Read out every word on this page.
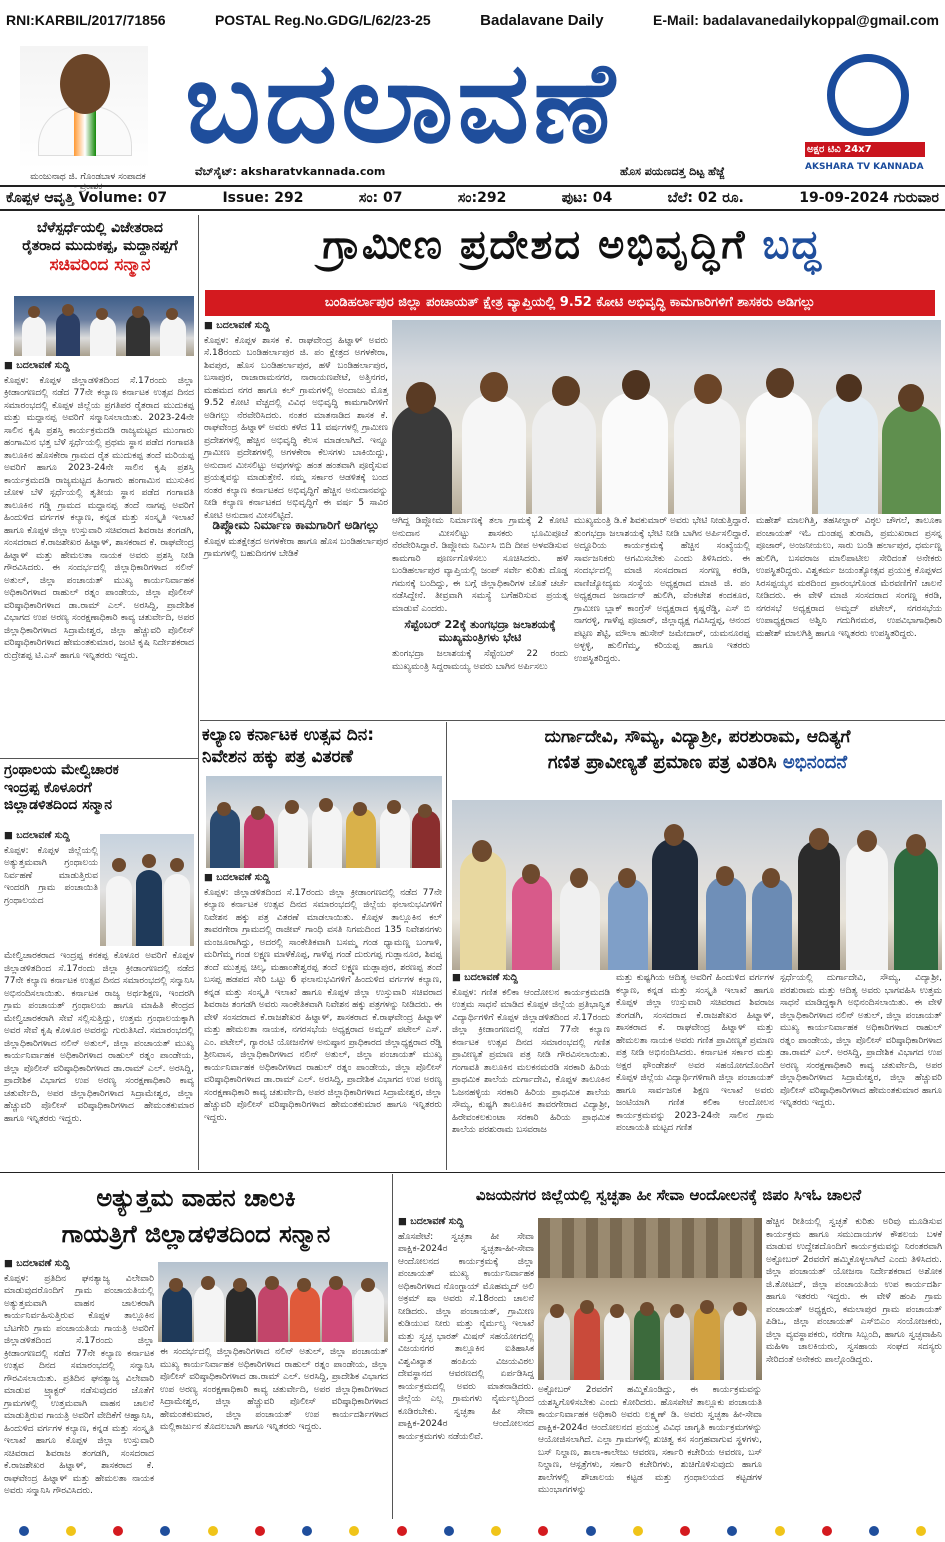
RNI:KARBIL/2017/71856	POSTAL Reg.No.GDG/L/62/23-25	Badalavane Daily	E-Mail: badalavanedailykoppal@gmail.com
ಮಂಜುನಾಥ ಜಿ. ಗೊಂಡಬಾಳ ಸಂಪಾದಕ - ಪ್ರಕಾಶಕ
ಬದಲಾವಣೆ
ವೆಬ್‌ಸೈಟ್: aksharatvkannada.com	ಹೊಸ ಪಯಣದತ್ತ ದಿಟ್ಟ ಹೆಜ್ಜೆ
ಅಕ್ಷರ ಟಿವಿ 24x7
AKSHARA TV KANNADA
ಕೊಪ್ಪಳ ಆವೃತ್ತಿ Volume: 07	Issue: 292	ಸಂ: 07	ಸಂ:292	ಪುಟ: 04	ಬೆಲೆ: 02 ರೂ.	19-09-2024 ಗುರುವಾರ
ಬೆಳೆಸ್ಪರ್ಧೆಯಲ್ಲಿ ವಿಜೇತರಾದ
ರೈತರಾದ ಮುದುಕಪ್ಪ, ಮದ್ದಾನಪ್ಪಗೆ
ಸಚಿವರಿಂದ ಸನ್ಮಾನ
■ ಬದಲಾವಣೆ ಸುದ್ದಿ
ಕೊಪ್ಪಳ: ಕೊಪ್ಪಳ ಜಿಲ್ಲಾಡಳಿತದಿಂದ ಸೆ.17ರಂದು ಜಿಲ್ಲಾ ಕ್ರೀಡಾಂಗಣದಲ್ಲಿ ನಡೆದ 77ನೇ ಕಲ್ಯಾಣ ಕರ್ನಾಟಕ ಉತ್ಸವ ದಿನದ ಸಮಾರಂಭದಲ್ಲಿ ಕೊಪ್ಪಳ ಜಿಲ್ಲೆಯ ಪ್ರಗತಿಪರ ರೈತರಾದ ಮುದುಕಪ್ಪ ಮತ್ತು ಮದ್ದಾನಪ್ಪ ಅವರಿಗೆ ಸನ್ಮಾನಿಸಲಾಯಿತು. 2023-24ನೇ ಸಾಲಿನ ಕೃಷಿ ಪ್ರಶಸ್ತಿ ಕಾರ್ಯಕ್ರಮದಡಿ ರಾಜ್ಯಮಟ್ಟದ ಮುಂಗಾರು ಹಂಗಾಮಿನ ಭತ್ತ ಬೆಳೆ ಸ್ಪರ್ಧೆಯಲ್ಲಿ ಪ್ರಥಮ ಸ್ಥಾನ ಪಡೆದ ಗಂಗಾವತಿ ತಾಲೂಕಿನ ಹೊಸಕೇರಾ ಗ್ರಾಮದ ರೈತ ಮುದುಕಪ್ಪ ತಂದೆ ಮರಿಯಪ್ಪ ಅವರಿಗೆ ಹಾಗೂ 2023-24ನೇ ಸಾಲಿನ ಕೃಷಿ ಪ್ರಶಸ್ತಿ ಕಾರ್ಯಕ್ರಮದಡಿ ರಾಜ್ಯಮಟ್ಟದ ಹಿಂಗಾರು ಹಂಗಾಮಿನ ಮುಸುಕಿನ ಜೋಳ ಬೆಳೆ ಸ್ಪರ್ಧೆಯಲ್ಲಿ ತೃತೀಯ ಸ್ಥಾನ ಪಡೆದ ಗಂಗಾವತಿ ತಾಲೂಕಿನ ಗಡ್ಡಿ ಗ್ರಾಮದ ಮದ್ದಾನಪ್ಪ ತಂದೆ ನಾಗಪ್ಪ ಅವರಿಗೆ ಹಿಂದುಳಿದ ವರ್ಗಗಳ ಕಲ್ಯಾಣ, ಕನ್ನಡ ಮತ್ತು ಸಂಸ್ಕೃತಿ ಇಲಾಖೆ ಹಾಗೂ ಕೊಪ್ಪಳ ಜಿಲ್ಲಾ ಉಸ್ತುವಾರಿ ಸಚಿವರಾದ ಶಿವರಾಜ ತಂಗಡಗಿ, ಸಂಸದರಾದ ಕೆ.ರಾಜಶೇಖರ ಹಿಟ್ನಾಳ್, ಶಾಸಕರಾದ ಕೆ. ರಾಘವೇಂದ್ರ ಹಿಟ್ನಾಳ್ ಮತ್ತು ಹೇಮಲತಾ ನಾಯಕ ಅವರು ಪ್ರಶಸ್ತಿ ನೀಡಿ ಗೌರವಿಸಿದರು. ಈ ಸಂದರ್ಭದಲ್ಲಿ ಜಿಲ್ಲಾಧಿಕಾರಿಗಳಾದ ನಲಿನ್ ಅತುಲ್, ಜಿಲ್ಲಾ ಪಂಚಾಯತ್ ಮುಖ್ಯ ಕಾರ್ಯನಿರ್ವಾಹಕ ಅಧಿಕಾರಿಗಳಾದ ರಾಹುಲ್ ರತ್ನಂ ಪಾಂಡೇಯ, ಜಿಲ್ಲಾ ಪೊಲೀಸ್ ವರಿಷ್ಠಾಧಿಕಾರಿಗಳಾದ ಡಾ.ರಾಮ್ ಎಲ್. ಅರಸಿದ್ದಿ, ಪ್ರಾದೇಶಿಕ ವಿಭಾಗದ ಉಪ ಅರಣ್ಯ ಸಂರಕ್ಷಣಾಧಿಕಾರಿ ಕಾವ್ಯ ಚತುರ್ವೇದಿ, ಅಪರ ಜಿಲ್ಲಾಧಿಕಾರಿಗಳಾದ ಸಿದ್ರಾಮೇಶ್ವರ, ಜಿಲ್ಲಾ ಹೆಚ್ಚುವರಿ ಪೊಲೀಸ್ ವರಿಷ್ಠಾಧಿಕಾರಿಗಳಾದ ಹೇಮಂತಕುಮಾರ, ಜಂಟಿ ಕೃಷಿ ನಿರ್ದೇಶಕರಾದ ರುದ್ರೇಶಪ್ಪ ಟಿ.ಎಸ್ ಹಾಗೂ ಇನ್ನಿತರರು ಇದ್ದರು.
ಗ್ರಂಥಾಲಯ ಮೇಲ್ವಿಚಾರಕ
ಇಂದ್ರಪ್ಪ ಕೊಳೂರಗೆ
ಜಿಲ್ಲಾಡಳಿತದಿಂದ ಸನ್ಮಾನ
■ ಬದಲಾವಣೆ ಸುದ್ದಿ
ಕೊಪ್ಪಳ: ಕೊಪ್ಪಳ ಜಿಲ್ಲೆಯಲ್ಲಿ ಅತ್ಯುತ್ತಮವಾಗಿ ಗ್ರಂಥಾಲಯ ನಿರ್ವಹಣೆ ಮಾಡುತ್ತಿರುವ ಇಂದರಗಿ ಗ್ರಾಮ ಪಂಚಾಯಿತಿ ಗ್ರಂಥಾಲಯದ
ಮೇಲ್ವಿಚಾರಕರಾದ ಇಂದ್ರಪ್ಪ ಕನಕಪ್ಪ ಕೊಳೂರ ಅವರಿಗೆ ಕೊಪ್ಪಳ ಜಿಲ್ಲಾಡಳಿತದಿಂದ ಸೆ.17ರಂದು ಜಿಲ್ಲಾ ಕ್ರೀಡಾಂಗಣದಲ್ಲಿ ನಡೆದ 77ನೇ ಕಲ್ಯಾಣ ಕರ್ನಾಟಕ ಉತ್ಸವ ದಿನದ ಸಮಾರಂಭದಲ್ಲಿ ಸನ್ಮಾನಿಸಿ ಅಭಿನಂದಿಸಲಾಯಿತು. ಕರ್ನಾಟಕ ರಾಜ್ಯ ಅರ್ಥಶಿಕ್ಷಣ, ಇಂದರಗಿ ಗ್ರಾಮ ಪಂಚಾಯತ್ ಗ್ರಂಥಾಲಯ ಹಾಗೂ ಮಾಹಿತಿ ಕೇಂದ್ರದ ಮೇಲ್ವಿಚಾರಕರಾಗಿ ಸೇವೆ ಸಲ್ಲಿಸುತ್ತಿದ್ದು, ಉತ್ತಮ ಗ್ರಂಥಾಲಯಕ್ಕಾಗಿ ಅವರ ಸೇವೆ ಕೃಷಿ ಕೊಳೂರ ಅವರನ್ನು ಗುರುತಿಸಿದೆ. ಸಮಾರಂಭದಲ್ಲಿ ಜಿಲ್ಲಾಧಿಕಾರಿಗಳಾದ ನಲಿನ್ ಅತುಲ್, ಜಿಲ್ಲಾ ಪಂಚಾಯತ್ ಮುಖ್ಯ ಕಾರ್ಯನಿರ್ವಾಹಕ ಅಧಿಕಾರಿಗಳಾದ ರಾಹುಲ್ ರತ್ನಂ ಪಾಂಡೇಯ, ಜಿಲ್ಲಾ ಪೊಲೀಸ್ ವರಿಷ್ಠಾಧಿಕಾರಿಗಳಾದ ಡಾ.ರಾಮ್ ಎಲ್. ಅರಸಿದ್ದಿ, ಪ್ರಾದೇಶಿಕ ವಿಭಾಗದ ಉಪ ಅರಣ್ಯ ಸಂರಕ್ಷಣಾಧಿಕಾರಿ ಕಾವ್ಯ ಚತುರ್ವೇದಿ, ಅಪರ ಜಿಲ್ಲಾಧಿಕಾರಿಗಳಾದ ಸಿದ್ರಾಮೇಶ್ವರ, ಜಿಲ್ಲಾ ಹೆಚ್ಚುವರಿ ಪೊಲೀಸ್ ವರಿಷ್ಠಾಧಿಕಾರಿಗಳಾದ ಹೇಮಂತಕುಮಾರ ಹಾಗೂ ಇನ್ನಿತರರು ಇದ್ದರು.
ಗ್ರಾಮೀಣ ಪ್ರದೇಶದ ಅಭಿವೃದ್ಧಿಗೆ ಬದ್ಧ
ಬಂಡಿಹರ್ಲಾಪುರ ಜಿಲ್ಲಾ ಪಂಚಾಯತ್ ಕ್ಷೇತ್ರ ವ್ಯಾಪ್ತಿಯಲ್ಲಿ 9.52 ಕೋಟಿ ಅಭಿವೃದ್ಧಿ ಕಾಮಗಾರಿಗಳಿಗೆ ಶಾಸಕರು ಅಡಿಗಲ್ಲು
■ ಬದಲಾವಣೆ ಸುದ್ದಿ
ಕೊಪ್ಪಳ: ಕೊಪ್ಪಳ ಶಾಸಕ ಕೆ. ರಾಘವೇಂದ್ರ ಹಿಟ್ನಾಳ್ ಅವರು ಸೆ.18ರಂದು ಬಂಡಿಹರ್ಲಾಪುರ ಜಿ. ಪಂ ಕ್ಷೇತ್ರದ ಅಗಳಕೇರಾ, ಶಿವಪುರ, ಹೊಸ ಬಂಡಿಹರ್ಲಾಪುರ, ಹಳೆ ಬಂಡಿಹರ್ಲಾಪುರ, ಬಸಾಪುರ, ರಾಜಾರಾಮನಗರ, ನಾರಾಯಣಪೇಟೆ, ಅತ್ತಿನಗರ, ಮಹಮದ ನಗರ ಹಾಗೂ ಕಲ್ ಗ್ರಾಮಗಳಲ್ಲಿ ಅಂದಾಜು ಮೊತ್ತ 9.52 ಕೋಟಿ ವೆಚ್ಚದಲ್ಲಿ ವಿವಿಧ ಅಭಿವೃದ್ಧಿ ಕಾಮಗಾರಿಗಳಿಗೆ ಅಡಿಗಲ್ಲು ನೆರವೇರಿಸಿದರು. ನಂತರ ಮಾತನಾಡಿದ ಶಾಸಕ ಕೆ. ರಾಘವೇಂದ್ರ ಹಿಟ್ನಾಳ್ ಅವರು ಕಳೆದ 11 ವರ್ಷಗಳಲ್ಲಿ ಗ್ರಾಮೀಣ ಪ್ರದೇಶಗಳಲ್ಲಿ ಹೆಚ್ಚಿನ ಅಭಿವೃದ್ಧಿ ಕೆಲಸ ಮಾಡಲಾಗಿದೆ. ಇನ್ನೂ ಗ್ರಾಮೀಣ ಪ್ರದೇಶಗಳಲ್ಲಿ ಅಗಳಕೇರಾ ಕೆಲಸಗಳು ಬಾಕಿಯಿದ್ದು, ಅನುದಾನ ಮೀಸಲಿಟ್ಟು ಅವುಗಳನ್ನು ಹಂತ ಹಂತವಾಗಿ ಪೂರೈಸುವ ಪ್ರಯತ್ನವನ್ನು ಮಾಡುತ್ತೇನೆ. ನಮ್ಮ ಸರ್ಕಾರ ಆಡಳಿತಕ್ಕೆ ಬಂದ ನಂತರ ಕಲ್ಯಾಣ ಕರ್ನಾಟಕದ ಅಭಿವೃದ್ಧಿಗೆ ಹೆಚ್ಚಿನ ಅನುದಾನವನ್ನು ನೀಡಿ ಕಲ್ಯಾಣ ಕರ್ನಾಟಕದ ಅಭಿವೃದ್ಧಿಗೆ ಈ ವರ್ಷ 5 ಸಾವಿರ ಕೋಟಿ ಅನುದಾನ ಮೀಸಲಿಟ್ಟಿದೆ.
ಡಿಪ್ಲೋಮ ನಿರ್ಮಾಣ ಕಾಮಗಾರಿಗೆ ಅಡಿಗಲ್ಲು
ಕೊಪ್ಪಳ ಮತಕ್ಷೇತ್ರದ ಅಗಳಕೇರಾ ಹಾಗೂ ಹೊಸ ಬಂಡಿಹರ್ಲಾಪುರ ಗ್ರಾಮಗಳಲ್ಲಿ ಬಹುದಿನಗಳ ಬೇಡಿಕೆ
ಆಗಿದ್ದ ಡಿಪ್ಲೋಮ ನಿರ್ಮಾಣಕ್ಕೆ ತಲಾ ಗ್ರಾಮಕ್ಕೆ 2 ಕೋಟಿ ಅನುದಾನ ಮೀಸಲಿಟ್ಟು ಶಾಸಕರು ಭೂಮಿಪೂಜೆ ನೆರವೇರಿಸಿದ್ದಾರೆ. ಡಿಪ್ಲೋಮ ನಿರ್ಮಿಸಿ ಬಿದಿ ದೀಪ ಅಳವಡಿಸುವ ಕಾಮಗಾರಿ ಪೂರ್ಣಗೊಳಿಸಲು ಸೂಚಿಸಿದರು. ಹಳೆ ಬಂಡಿಹರ್ಲಾಪುರ ವ್ಯಾಪ್ತಿಯಲ್ಲಿ ಜಂಪ್ ಸರ್ವೇ ಕುರಿತು ದೊಡ್ಡ ಗಮನಕ್ಕೆ ಬಂದಿದ್ದು, ಈ ಬಗ್ಗೆ ಜಿಲ್ಲಾಧಿಕಾರಿಗಳ ಜೊತೆ ಚರ್ಚೆ ನಡೆಸಿದ್ದೇನೆ. ತೀವ್ರವಾಗಿ ಸಮಸ್ಯೆ ಬಗೆಹರಿಸುವ ಪ್ರಯತ್ನ ಮಾಡುವೆ ಎಂದರು.
ಸೆಪ್ಟೆಂಬರ್ 22ಕ್ಕೆ ತುಂಗಭದ್ರಾ ಜಲಾಶಯಕ್ಕೆ ಮುಖ್ಯಮಂತ್ರಿಗಳು ಭೇಟಿ
ತುಂಗಭದ್ರಾ ಜಲಾಶಯಕ್ಕೆ ಸೆಪ್ಟೆಂಬರ್ 22 ರಂದು ಮುಖ್ಯಮಂತ್ರಿ ಸಿದ್ದರಾಮಯ್ಯ ಅವರು ಬಾಗಿನ ಅರ್ಪಿಸಲು
ಮುಖ್ಯಮಂತ್ರಿ ಡಿ.ಕೆ ಶಿವಕುಮಾರ್ ಅವರು ಭೇಟಿ ನೀಡುತ್ತಿದ್ದಾರೆ. ತುಂಗಭದ್ರಾ ಜಲಾಶಯಕ್ಕೆ ಭೇಟಿ ನೀಡಿ ಬಾಗಿನ ಅರ್ಪಿಸಲಿದ್ದಾರೆ. ಅದ್ದೂರಿಯ ಕಾರ್ಯಕ್ರಮಕ್ಕೆ ಹೆಚ್ಚಿನ ಸಂಖ್ಯೆಯಲ್ಲಿ ಸಾರ್ವಜನಿಕರು ಆಗಮಿಸಬೇಕು ಎಂದು ತಿಳಿಸಿದರು. ಈ ಸಂದರ್ಭದಲ್ಲಿ ಮಾಜಿ ಸಂಸದರಾದ ಸಂಗಣ್ಣ ಕರಡಿ, ವಾಣಿಜ್ಯೋದ್ಯಮ ಸಂಸ್ಥೆಯ ಅಧ್ಯಕ್ಷರಾದ ಮಾಜಿ ಜಿ. ಪಂ ಅಧ್ಯಕ್ಷರಾದ ಜನಾರ್ದನ್ ಹುಲಿಗಿ, ವೆಂಕಟೇಶ ಕಂದಕೂರ, ಗ್ರಾಮೀಣ ಬ್ಲಾಕ್ ಕಾಂಗ್ರೆಸ್ ಅಧ್ಯಕ್ಷರಾದ ಕೃಷ್ಣರೆಡ್ಡಿ, ಎಸ್ ಬಿ ನಾಗರಳ್ಳಿ, ಗಾಳೆಪ್ಪ ಪೂಜಾರ್, ಜಿಲ್ಲಾಧ್ಯಕ್ಷ ಗವಿಸಿದ್ದಪ್ಪ, ಆನಂದ ಪಟ್ಟಣ ಶೆಟ್ಟಿ, ಮೌಲಾ ಹುಸೇನ್ ಜಮೇದಾರ್, ಯಮನೂರಪ್ಪ ಅಳ್ಳಳ್ಳಿ, ಹುಲಿಗೆಮ್ಮ, ಕರಿಯಪ್ಪ ಹಾಗೂ ಇತರರು ಉಪಸ್ಥಿತರಿದ್ದರು.
ಮಹೇಶ್ ಮಾಲಗಿತ್ತಿ, ತಹಸೀಲ್ದಾರ್ ವಿಠ್ಠಲ ಚೌಗಲೆ, ತಾಲೂಕಾ ಪಂಚಾಯತ್ ಇಓ ದುಂಡಪ್ಪ ತುರಾದಿ, ಪ್ರಮುಖರಾದ ಪ್ರಸನ್ನ ಪೂಜಾರ್, ಅಂಜನೀಯಲು, ಸಾರು ಬಂಡಿ ಹರ್ಲಾಪುರ, ಧರ್ಮಣ್ಣ ಹುಲಿಗಿ, ಬಸವರಾಜ ಮಾಲಿಪಾಟೀಲ ಸೇರಿದಂತೆ ಅನೇಕರು ಉಪಸ್ಥಿತರಿದ್ದರು. ವಿಶ್ವಕರ್ಮ ಜಯಂತ್ಯೋತ್ಸವ ಪ್ರಯುಕ್ತ ಕೊಪ್ಪಳದ ಸಿರಸಪ್ಪಯ್ಯನ ಮಠದಿಂದ ಪ್ರಾರಂಭಗೊಂಡ ಮೆರವಣಿಗೆಗೆ ಚಾಲನೆ ನೀಡಿದರು. ಈ ವೇಳೆ ಮಾಜಿ ಸಂಸದರಾದ ಸಂಗಣ್ಣ ಕರಡಿ, ನಗರಸಭೆ ಅಧ್ಯಕ್ಷರಾದ ಅಮ್ಜದ್ ಪಟೇಲ್, ನಗರಸಭೆಯ ಉಪಾಧ್ಯಕ್ಷರಾದ ಅಶ್ವಿನಿ ಗದುಗಿನಮಠ, ಉಪವಿಭಾಗಾಧಿಕಾರಿ ಮಹೇಶ್ ಮಾಲಗಿತ್ತಿ ಹಾಗೂ ಇನ್ನಿತರರು ಉಪಸ್ಥಿತರಿದ್ದರು.
ಕಲ್ಯಾಣ ಕರ್ನಾಟಕ ಉತ್ಸವ ದಿನ:
ನಿವೇಶನ ಹಕ್ಕು ಪತ್ರ ವಿತರಣೆ
■ ಬದಲಾವಣೆ ಸುದ್ದಿ
ಕೊಪ್ಪಳ: ಜಿಲ್ಲಾಡಳಿತದಿಂದ ಸೆ.17ರಂದು ಜಿಲ್ಲಾ ಕ್ರೀಡಾಂಗಣದಲ್ಲಿ ನಡೆದ 77ನೇ ಕಲ್ಯಾಣ ಕರ್ನಾಟಕ ಉತ್ಸವ ದಿನದ ಸಮಾರಂಭದಲ್ಲಿ ಜಿಲ್ಲೆಯ ಫಲಾನುಭವಿಗಳಿಗೆ ನಿವೇಶನ ಹಕ್ಕು ಪತ್ರ ವಿತರಣೆ ಮಾಡಲಾಯಿತು. ಕೊಪ್ಪಳ ತಾಲ್ಲೂಕಿನ ಕಲ್ ತಾವರಗೇರಾ ಗ್ರಾಮದಲ್ಲಿ ರಾಜೀವ್ ಗಾಂಧಿ ವಸತಿ ನಿಗಮದಿಂದ 135 ನಿವೇಶನಗಳು ಮಂಜೂರಾಗಿದ್ದು, ಅದರಲ್ಲಿ ಸಾಂಕೇತಿಕವಾಗಿ ಬಸಮ್ಮ ಗಂಡ ಧ್ಯಾಮಣ್ಣ ಬಂಗಾಳಿ, ಮರಿಗೆಮ್ಮ ಗಂಡ ಲಕ್ಷ್ಮಣ ಮಾಳೆಕೊಪ್ಪ, ಗಾಳೆಪ್ಪ ಗಂಡೆ ದುರುಗಪ್ಪ ಗುಡ್ಲಾನೂರ, ಶಿವಪ್ಪ ತಂದೆ ಮುತ್ತಪ್ಪ ಚಿಲ್ಕ, ಮಹಾಂತೇಶ್ವರಪ್ಪ ತಂದೆ ಲಕ್ಷ್ಮಣ ಮಡ್ಲಾಪುರ, ಶರಣಪ್ಪ ತಂದೆ ಬಸಪ್ಪ ಹಡಪದ ಸೇರಿ ಒಟ್ಟು 6 ಫಲಾನುಭವಿಗಳಿಗೆ ಹಿಂದುಳಿದ ವರ್ಗಗಳ ಕಲ್ಯಾಣ, ಕನ್ನಡ ಮತ್ತು ಸಂಸ್ಕೃತಿ ಇಲಾಖೆ ಹಾಗೂ ಕೊಪ್ಪಳ ಜಿಲ್ಲಾ ಉಸ್ತುವಾರಿ ಸಚಿವರಾದ ಶಿವರಾಜ ತಂಗಡಗಿ ಅವರು ಸಾಂಕೇತಿಕವಾಗಿ ನಿವೇಶನ ಹಕ್ಕು ಪತ್ರಗಳನ್ನು ನೀಡಿದರು. ಈ ವೇಳೆ ಸಂಸದರಾದ ಕೆ.ರಾಜಶೇಖರ ಹಿಟ್ನಾಳ್, ಶಾಸಕರಾದ ಕೆ.ರಾಘವೇಂದ್ರ ಹಿಟ್ನಾಳ್ ಮತ್ತು ಹೇಮಲತಾ ನಾಯಕ, ನಗರಸಭೆಯ ಅಧ್ಯಕ್ಷರಾದ ಅಮ್ಜದ್ ಪಟೇಲ್ ಎಸ್. ಎಂ. ಪಟೇಲ್, ಗ್ಯಾರಂಟಿ ಯೋಜನೆಗಳ ಅನುಷ್ಠಾನ ಪ್ರಾಧಿಕಾರದ ಜಿಲ್ಲಾಧ್ಯಕ್ಷರಾದ ರೆಡ್ಡಿ ಶ್ರೀನಿವಾಸ, ಜಿಲ್ಲಾಧಿಕಾರಿಗಳಾದ ನಲಿನ್ ಅತುಲ್, ಜಿಲ್ಲಾ ಪಂಚಾಯತ್ ಮುಖ್ಯ ಕಾರ್ಯನಿರ್ವಾಹಕ ಅಧಿಕಾರಿಗಳಾದ ರಾಹುಲ್ ರತ್ನಂ ಪಾಂಡೇಯ, ಜಿಲ್ಲಾ ಪೊಲೀಸ್ ವರಿಷ್ಠಾಧಿಕಾರಿಗಳಾದ ಡಾ.ರಾಮ್ ಎಲ್. ಅರಸಿದ್ದಿ, ಪ್ರಾದೇಶಿಕ ವಿಭಾಗದ ಉಪ ಅರಣ್ಯ ಸಂರಕ್ಷಣಾಧಿಕಾರಿ ಕಾವ್ಯ ಚತುರ್ವೇದಿ, ಅಪರ ಜಿಲ್ಲಾಧಿಕಾರಿಗಳಾದ ಸಿದ್ರಾಮೇಶ್ವರ, ಜಿಲ್ಲಾ ಹೆಚ್ಚುವರಿ ಪೊಲೀಸ್ ವರಿಷ್ಠಾಧಿಕಾರಿಗಳಾದ ಹೇಮಂತಕುಮಾರ ಹಾಗೂ ಇನ್ನಿತರರು ಇದ್ದರು.
ದುರ್ಗಾದೇವಿ, ಸೌಮ್ಯ, ವಿದ್ಯಾಶ್ರೀ, ಪರಶುರಾಮ, ಆದಿತ್ಯಗೆ
ಗಣಿತ ಪ್ರಾವೀಣ್ಯತೆ ಪ್ರಮಾಣ ಪತ್ರ ವಿತರಿಸಿ ಅಭಿನಂದನೆ
■ ಬದಲಾವಣೆ ಸುದ್ದಿ
ಕೊಪ್ಪಳ: ಗಣಿತ ಕಲಿಕಾ ಆಂದೋಲನ ಕಾರ್ಯಕ್ರಮದಡಿ ಉತ್ತಮ ಸಾಧನೆ ಮಾಡಿದ ಕೊಪ್ಪಳ ಜಿಲ್ಲೆಯ ಪ್ರತಿಭಾನ್ವಿತ ವಿದ್ಯಾರ್ಥಿಗಳಿಗೆ ಕೊಪ್ಪಳ ಜಿಲ್ಲಾಡಳಿತದಿಂದ ಸೆ.17ರಂದು ಜಿಲ್ಲಾ ಕ್ರೀಡಾಂಗಣದಲ್ಲಿ ನಡೆದ 77ನೇ ಕಲ್ಯಾಣ ಕರ್ನಾಟಕ ಉತ್ಸವ ದಿನದ ಸಮಾರಂಭದಲ್ಲಿ ಗಣಿತ ಪ್ರಾವೀಣ್ಯತೆ ಪ್ರಮಾಣ ಪತ್ರ ನೀಡಿ ಗೌರವಿಸಲಾಯಿತು. ಗಂಗಾವತಿ ತಾಲೂಕಿನ ಮಲಕನಮರಡಿ ಸರಕಾರಿ ಹಿರಿಯ ಪ್ರಾಥಮಿಕ ಶಾಲೆಯ ದುರ್ಗಾದೇವಿ, ಕೊಪ್ಪಳ ತಾಲೂಕಿನ ಓಜನಹಳ್ಳಿಯ ಸರಕಾರಿ ಹಿರಿಯ ಪ್ರಾಥಮಿಕ ಶಾಲೆಯ ಸೌಮ್ಯ, ಕುಷ್ಟಗಿ ತಾಲೂಕಿನ ತಾವರಗೇರಾದ ವಿದ್ಯಾಶ್ರೀ, ಹಿರೇವಂಕಲಕುಂಟಾ ಸರಕಾರಿ ಹಿರಿಯ ಪ್ರಾಥಮಿಕ ಶಾಲೆಯ ಪರಶುರಾಮ ಬಸವರಾಜ
ಮತ್ತು ಕುಷ್ಟಗಿಯ ಆದಿತ್ಯ ಅವರಿಗೆ ಹಿಂದುಳಿದ ವರ್ಗಗಳ ಕಲ್ಯಾಣ, ಕನ್ನಡ ಮತ್ತು ಸಂಸ್ಕೃತಿ ಇಲಾಖೆ ಹಾಗೂ ಕೊಪ್ಪಳ ಜಿಲ್ಲಾ ಉಸ್ತುವಾರಿ ಸಚಿವರಾದ ಶಿವರಾಜ ತಂಗಡಗಿ, ಸಂಸದರಾದ ಕೆ.ರಾಜಶೇಖರ ಹಿಟ್ನಾಳ್, ಶಾಸಕರಾದ ಕೆ. ರಾಘವೇಂದ್ರ ಹಿಟ್ನಾಳ್ ಮತ್ತು ಹೇಮಲತಾ ನಾಯಕ ಅವರು ಗಣಿತ ಪ್ರಾವೀಣ್ಯತೆ ಪ್ರಮಾಣ ಪತ್ರ ನೀಡಿ ಅಭಿನಂದಿಸಿದರು. ಕರ್ನಾಟಕ ಸರ್ಕಾರ ಮತ್ತು ಅಕ್ಷರ ಫೌಂಡೇಶನ್ ಅವರ ಸಹಯೋಗದೊಂದಿಗೆ ಕೊಪ್ಪಳ ಜಿಲ್ಲೆಯ ವಿದ್ಯಾರ್ಥಿಗಳಿಗಾಗಿ ಜಿಲ್ಲಾ ಪಂಚಾಯತ್ ಹಾಗೂ ಸಾರ್ವಜನಿಕ ಶಿಕ್ಷಣ ಇಲಾಖೆ ಅವರು ಜಂಟಿಯಾಗಿ ಗಣಿತ ಕಲಿಕಾ ಆಂದೋಲನ ಕಾರ್ಯಕ್ರಮವನ್ನು 2023-24ನೇ ಸಾಲಿನ ಗ್ರಾಮ ಪಂಚಾಯತಿ ಮಟ್ಟದ ಗಣಿತ
ಸ್ಪರ್ಧೆಯಲ್ಲಿ ದುರ್ಗಾದೇವಿ, ಸೌಮ್ಯ, ವಿದ್ಯಾಶ್ರೀ, ಪರಶುರಾಮ ಮತ್ತು ಆದಿತ್ಯ ಅವರು ಭಾಗವಹಿಸಿ ಉತ್ತಮ ಸಾಧನೆ ಮಾಡಿದ್ದಕ್ಕಾಗಿ ಅಭಿನಂದಿಸಲಾಯಿತು. ಈ ವೇಳೆ ಜಿಲ್ಲಾಧಿಕಾರಿಗಳಾದ ನಲಿನ್ ಅತುಲ್, ಜಿಲ್ಲಾ ಪಂಚಾಯತ್ ಮುಖ್ಯ ಕಾರ್ಯನಿರ್ವಾಹಕ ಅಧಿಕಾರಿಗಳಾದ ರಾಹುಲ್ ರತ್ನಂ ಪಾಂಡೇಯ, ಜಿಲ್ಲಾ ಪೊಲೀಸ್ ವರಿಷ್ಠಾಧಿಕಾರಿಗಳಾದ ಡಾ.ರಾಮ್ ಎಲ್. ಅರಸಿದ್ದಿ, ಪ್ರಾದೇಶಿಕ ವಿಭಾಗದ ಉಪ ಅರಣ್ಯ ಸಂರಕ್ಷಣಾಧಿಕಾರಿ ಕಾವ್ಯ ಚತುರ್ವೇದಿ, ಅಪರ ಜಿಲ್ಲಾಧಿಕಾರಿಗಳಾದ ಸಿದ್ರಾಮೇಶ್ವರ, ಜಿಲ್ಲಾ ಹೆಚ್ಚುವರಿ ಪೊಲೀಸ್ ವರಿಷ್ಠಾಧಿಕಾರಿಗಳಾದ ಹೇಮಂತಕುಮಾರ ಹಾಗೂ ಇನ್ನಿತರರು ಇದ್ದರು.
ಅತ್ಯುತ್ತಮ ವಾಹನ ಚಾಲಕಿ
ಗಾಯತ್ರಿಗೆ ಜಿಲ್ಲಾಡಳಿತದಿಂದ ಸನ್ಮಾನ
■ ಬದಲಾವಣೆ ಸುದ್ದಿ
ಕೊಪ್ಪಳ: ಪ್ರತಿದಿನ ಘನತ್ಯಾಜ್ಯ ವಿಲೇವಾರಿ ಮಾಡುವುದರೊಂದಿಗೆ ಗ್ರಾಮ ಪಂಚಾಯತಿಯಲ್ಲಿ ಅತ್ಯುತ್ತಮವಾಗಿ ವಾಹನ ಚಾಲಕರಾಗಿ ಕಾರ್ಯನಿರ್ವಹಿಸುತ್ತಿರುವ ಕೊಪ್ಪಳ ತಾಲ್ಲೂಕಿನ ಬೆಟಗೇರಿ ಗ್ರಾಮ ಪಂಚಾಯತಿಯ ಗಾಯತ್ರಿ ಅವರಿಗೆ ಜಿಲ್ಲಾಡಳಿತದಿಂದ ಸೆ.17ರಂದು ಜಿಲ್ಲಾ ಕ್ರೀಡಾಂಗಣದಲ್ಲಿ ನಡೆದ 77ನೇ ಕಲ್ಯಾಣ ಕರ್ನಾಟಕ ಉತ್ಸವ ದಿನದ ಸಮಾರಂಭದಲ್ಲಿ ಸನ್ಮಾನಿಸಿ ಗೌರವಿಸಲಾಯಿತು. ಪ್ರತಿದಿನ ಘನತ್ಯಾಜ್ಯ ವಿಲೇವಾರಿ ಮಾಡುವ ಟ್ರ್ಯಾಕ್ಟರ್ ನಡೆಸುವುದರ ಜೊತೆಗೆ ಗ್ರಾಮಗಳಲ್ಲಿ ಉತ್ತಮವಾಗಿ ವಾಹನ ಚಾಲನೆ ಮಾಡುತ್ತಿರುವ ಗಾಯತ್ರಿ ಅವರಿಗೆ ವೇದಿಕೆಗೆ ಆಹ್ವಾನಿಸಿ, ಹಿಂದುಳಿದ ವರ್ಗಗಳ ಕಲ್ಯಾಣ, ಕನ್ನಡ ಮತ್ತು ಸಂಸ್ಕೃತಿ ಇಲಾಖೆ ಹಾಗೂ ಕೊಪ್ಪಳ ಜಿಲ್ಲಾ ಉಸ್ತುವಾರಿ ಸಚಿವರಾದ ಶಿವರಾಜ ತಂಗಡಗಿ, ಸಂಸದರಾದ ಕೆ.ರಾಜಶೇಖರ ಹಿಟ್ನಾಳ್, ಶಾಸಕರಾದ ಕೆ. ರಾಘವೇಂದ್ರ ಹಿಟ್ನಾಳ್ ಮತ್ತು ಹೇಮಲತಾ ನಾಯಕ ಅವರು ಸನ್ಮಾನಿಸಿ ಗೌರವಿಸಿದರು.
ಈ ಸಂದರ್ಭದಲ್ಲಿ ಜಿಲ್ಲಾಧಿಕಾರಿಗಳಾದ ನಲಿನ್ ಅತುಲ್, ಜಿಲ್ಲಾ ಪಂಚಾಯತ್ ಮುಖ್ಯ ಕಾರ್ಯನಿರ್ವಾಹಕ ಅಧಿಕಾರಿಗಳಾದ ರಾಹುಲ್ ರತ್ನಂ ಪಾಂಡೇಯ, ಜಿಲ್ಲಾ ಪೊಲೀಸ್ ವರಿಷ್ಠಾಧಿಕಾರಿಗಳಾದ ಡಾ.ರಾಮ್ ಎಲ್. ಅರಸಿದ್ದಿ, ಪ್ರಾದೇಶಿಕ ವಿಭಾಗದ ಉಪ ಅರಣ್ಯ ಸಂರಕ್ಷಣಾಧಿಕಾರಿ ಕಾವ್ಯ ಚತುರ್ವೇದಿ, ಅಪರ ಜಿಲ್ಲಾಧಿಕಾರಿಗಳಾದ ಸಿದ್ರಾಮೇಶ್ವರ, ಜಿಲ್ಲಾ ಹೆಚ್ಚುವರಿ ಪೊಲೀಸ್ ವರಿಷ್ಠಾಧಿಕಾರಿಗಳಾದ ಹೇಮಂತಕುಮಾರ, ಜಿಲ್ಲಾ ಪಂಚಾಯತ್ ಉಪ ಕಾರ್ಯದರ್ಶಿಗಳಾದ ಮಲ್ಲಿಕಾರ್ಜುನ ತೊದಲಬಾಗಿ ಹಾಗೂ ಇನ್ನಿತರರು ಇದ್ದರು.
ವಿಜಯನಗರ ಜಿಲ್ಲೆಯಲ್ಲಿ ಸ್ವಚ್ಛತಾ ಹೀ ಸೇವಾ ಆಂದೋಲನಕ್ಕೆ ಜಿಪಂ ಸಿಇಓ ಚಾಲನೆ
■ ಬದಲಾವಣೆ ಸುದ್ದಿ
ಹೊಸಪೇಟೆ: ಸ್ವಚ್ಛತಾ ಹೀ ಸೇವಾ ಪಾಕ್ಷಿಕ-2024ರ ಸ್ವಚ್ಛತಾ-ಹೀ-ಸೇವಾ ಆಂದೋಲನದ ಕಾರ್ಯಕ್ರಮಕ್ಕೆ ಜಿಲ್ಲಾ ಪಂಚಾಯತ್ ಮುಖ್ಯ ಕಾರ್ಯನಿರ್ವಾಹಕ ಅಧಿಕಾರಿಗಳಾದ ನೊಂಗ್ಜಾಯ್ ಮೊಹಮ್ಮದ್ ಅಲಿ ಅಕ್ರಮ್ ಷಾ ಅವರು ಸೆ.18ರಂದು ಚಾಲನೆ ನೀಡಿದರು. ಜಿಲ್ಲಾ ಪಂಚಾಯತ್, ಗ್ರಾಮೀಣ ಕುಡಿಯುವ ನೀರು ಮತ್ತು ನೈರ್ಮಲ್ಯ ಇಲಾಖೆ ಮತ್ತು ಸ್ವಚ್ಛ ಭಾರತ್ ಮಿಷನ್ ಸಹಯೋಗದಲ್ಲಿ ವಿಜಯನಗರ ತಾಲ್ಲೂಕಿನ ಐತಿಹಾಸಿಕ ವಿಶ್ವವಿಖ್ಯಾತ ಹಂಪಿಯ ವಿಜಯವಿಠಲ ದೇವಸ್ಥಾನದ ಆವರಣದಲ್ಲಿ ಏರ್ಪಡಿಸಿದ್ದ ಕಾರ್ಯಕ್ರಮದಲ್ಲಿ ಅವರು ಮಾತನಾಡಿದರು. ಜಿಲ್ಲೆಯ ಎಲ್ಲ ಗ್ರಾಮಗಳು ನೈರ್ಮಲ್ಯದಿಂದ ಕೂಡಿರಬೇಕು. ಸ್ವಚ್ಛತಾ ಹೀ ಸೇವಾ ಪಾಕ್ಷಿಕ-2024ರ ಆಂದೋಲನದ ಕಾರ್ಯಕ್ರಮಗಳು ನಡೆಯಲಿವೆ.
ಅಕ್ಟೋಬರ್ 2ರವರೆಗೆ ಹಮ್ಮಿಕೊಂಡಿದ್ದು, ಈ ಕಾರ್ಯಕ್ರಮವನ್ನು ಯಶಸ್ವಿಗೊಳಿಸಬೇಕು ಎಂದು ಕೋರಿದರು. ಹೊಸಪೇಟೆ ತಾಲ್ಲೂಕು ಪಂಚಾಯತಿ ಕಾರ್ಯನಿರ್ವಾಹಕ ಅಧಿಕಾರಿ ಅವರು ಲಕ್ಷ್ಮಣ್ ಡಿ. ಅವರು ಸ್ವಚ್ಛತಾ ಹೀ-ಸೇವಾ ಪಾಕ್ಷಿಕ-2024ರ ಆಂದೋಲನದ ಪ್ರಯುಕ್ತ ವಿವಿಧ ಜಾಗೃತಿ ಕಾರ್ಯಕ್ರಮಗಳನ್ನು ಆಯೋಜಿಸಲಾಗಿದೆ. ಎಲ್ಲಾ ಗ್ರಾಮಗಳಲ್ಲಿ ಶುಚಿತ್ವ ಕಸ ಸಂಗ್ರಹವಾಗುವ ಸ್ಥಳಗಳು, ಬಸ್ ನಿಲ್ದಾಣ, ಶಾಲಾ-ಕಾಲೇಜು ಆವರಣ, ಸರ್ಕಾರಿ ಕಚೇರಿಯ ಆವರಣ, ಬಸ್ ನಿಲ್ದಾಣ, ಆಸ್ಪತ್ರೆಗಳು, ಸರ್ಕಾರಿ ಕಚೇರಿಗಳು, ಶುಚಿಗೊಳಿಸುವುದು ಹಾಗೂ ಶಾಲೆಗಳಲ್ಲಿ ಶೌಚಾಲಯ ಕಟ್ಟಡ ಮತ್ತು ಗ್ರಂಥಾಲಯದ ಕಟ್ಟಡಗಳ ಮುಂಭಾಗಗಳನ್ನು
ಹೆಚ್ಚಿನ ರೀತಿಯಲ್ಲಿ ಸ್ವಚ್ಛತೆ ಕುರಿತು ಅರಿವು ಮೂಡಿಸುವ ಕಾರ್ಯಕ್ರಮ ಹಾಗೂ ಸಮುದಾಯಗಳ ಕೌಶಲಯ ಬಳಕೆ ಮಾಡುವ ಉದ್ದೇಶದೊಂದಿಗೆ ಕಾರ್ಯಕ್ರಮವನ್ನು ನಿರಂತರವಾಗಿ ಅಕ್ಟೋಬರ್ 2ರವರೆಗೆ ಹಮ್ಮಿಕೊಳ್ಳಲಾಗಿದೆ ಎಂದು ತಿಳಿಸಿದರು. ಜಿಲ್ಲಾ ಪಂಚಾಯತ್ ಯೋಜನಾ ನಿರ್ದೇಶಕರಾದ ಅಶೋಕ ಜಿ.ತೋಟದ್, ಜಿಲ್ಲಾ ಪಂಚಾಯತಿಯ ಉಪ ಕಾರ್ಯದರ್ಶಿ ಹಾಗೂ ಇತರರು ಇದ್ದರು. ಈ ವೇಳೆ ಹಂಪಿ ಗ್ರಾಮ ಪಂಚಾಯತ್ ಅಧ್ಯಕ್ಷರು, ಕಮಲಾಪುರ ಗ್ರಾಮ ಪಂಚಾಯತ್ ಪಿಡಿಒ, ಜಿಲ್ಲಾ ಪಂಚಾಯತ್ ಎಸ್‌ಬಿಎಂ ಸಂಯೋಜಕರು, ಜಿಲ್ಲಾ ವ್ಯವಸ್ಥಾಪಕರು, ನರೇಗಾ ಸಿಬ್ಬಂದಿ, ಹಾಗೂ ಸ್ವಚ್ಛವಾಹಿನಿ ಮಹಿಳಾ ಚಾಲಕಿಯರು, ಸ್ವಸಹಾಯ ಸಂಘದ ಸದಸ್ಯರು ಸೇರಿದಂತೆ ಅನೇಕರು ಪಾಲ್ಗೊಂಡಿದ್ದರು.
